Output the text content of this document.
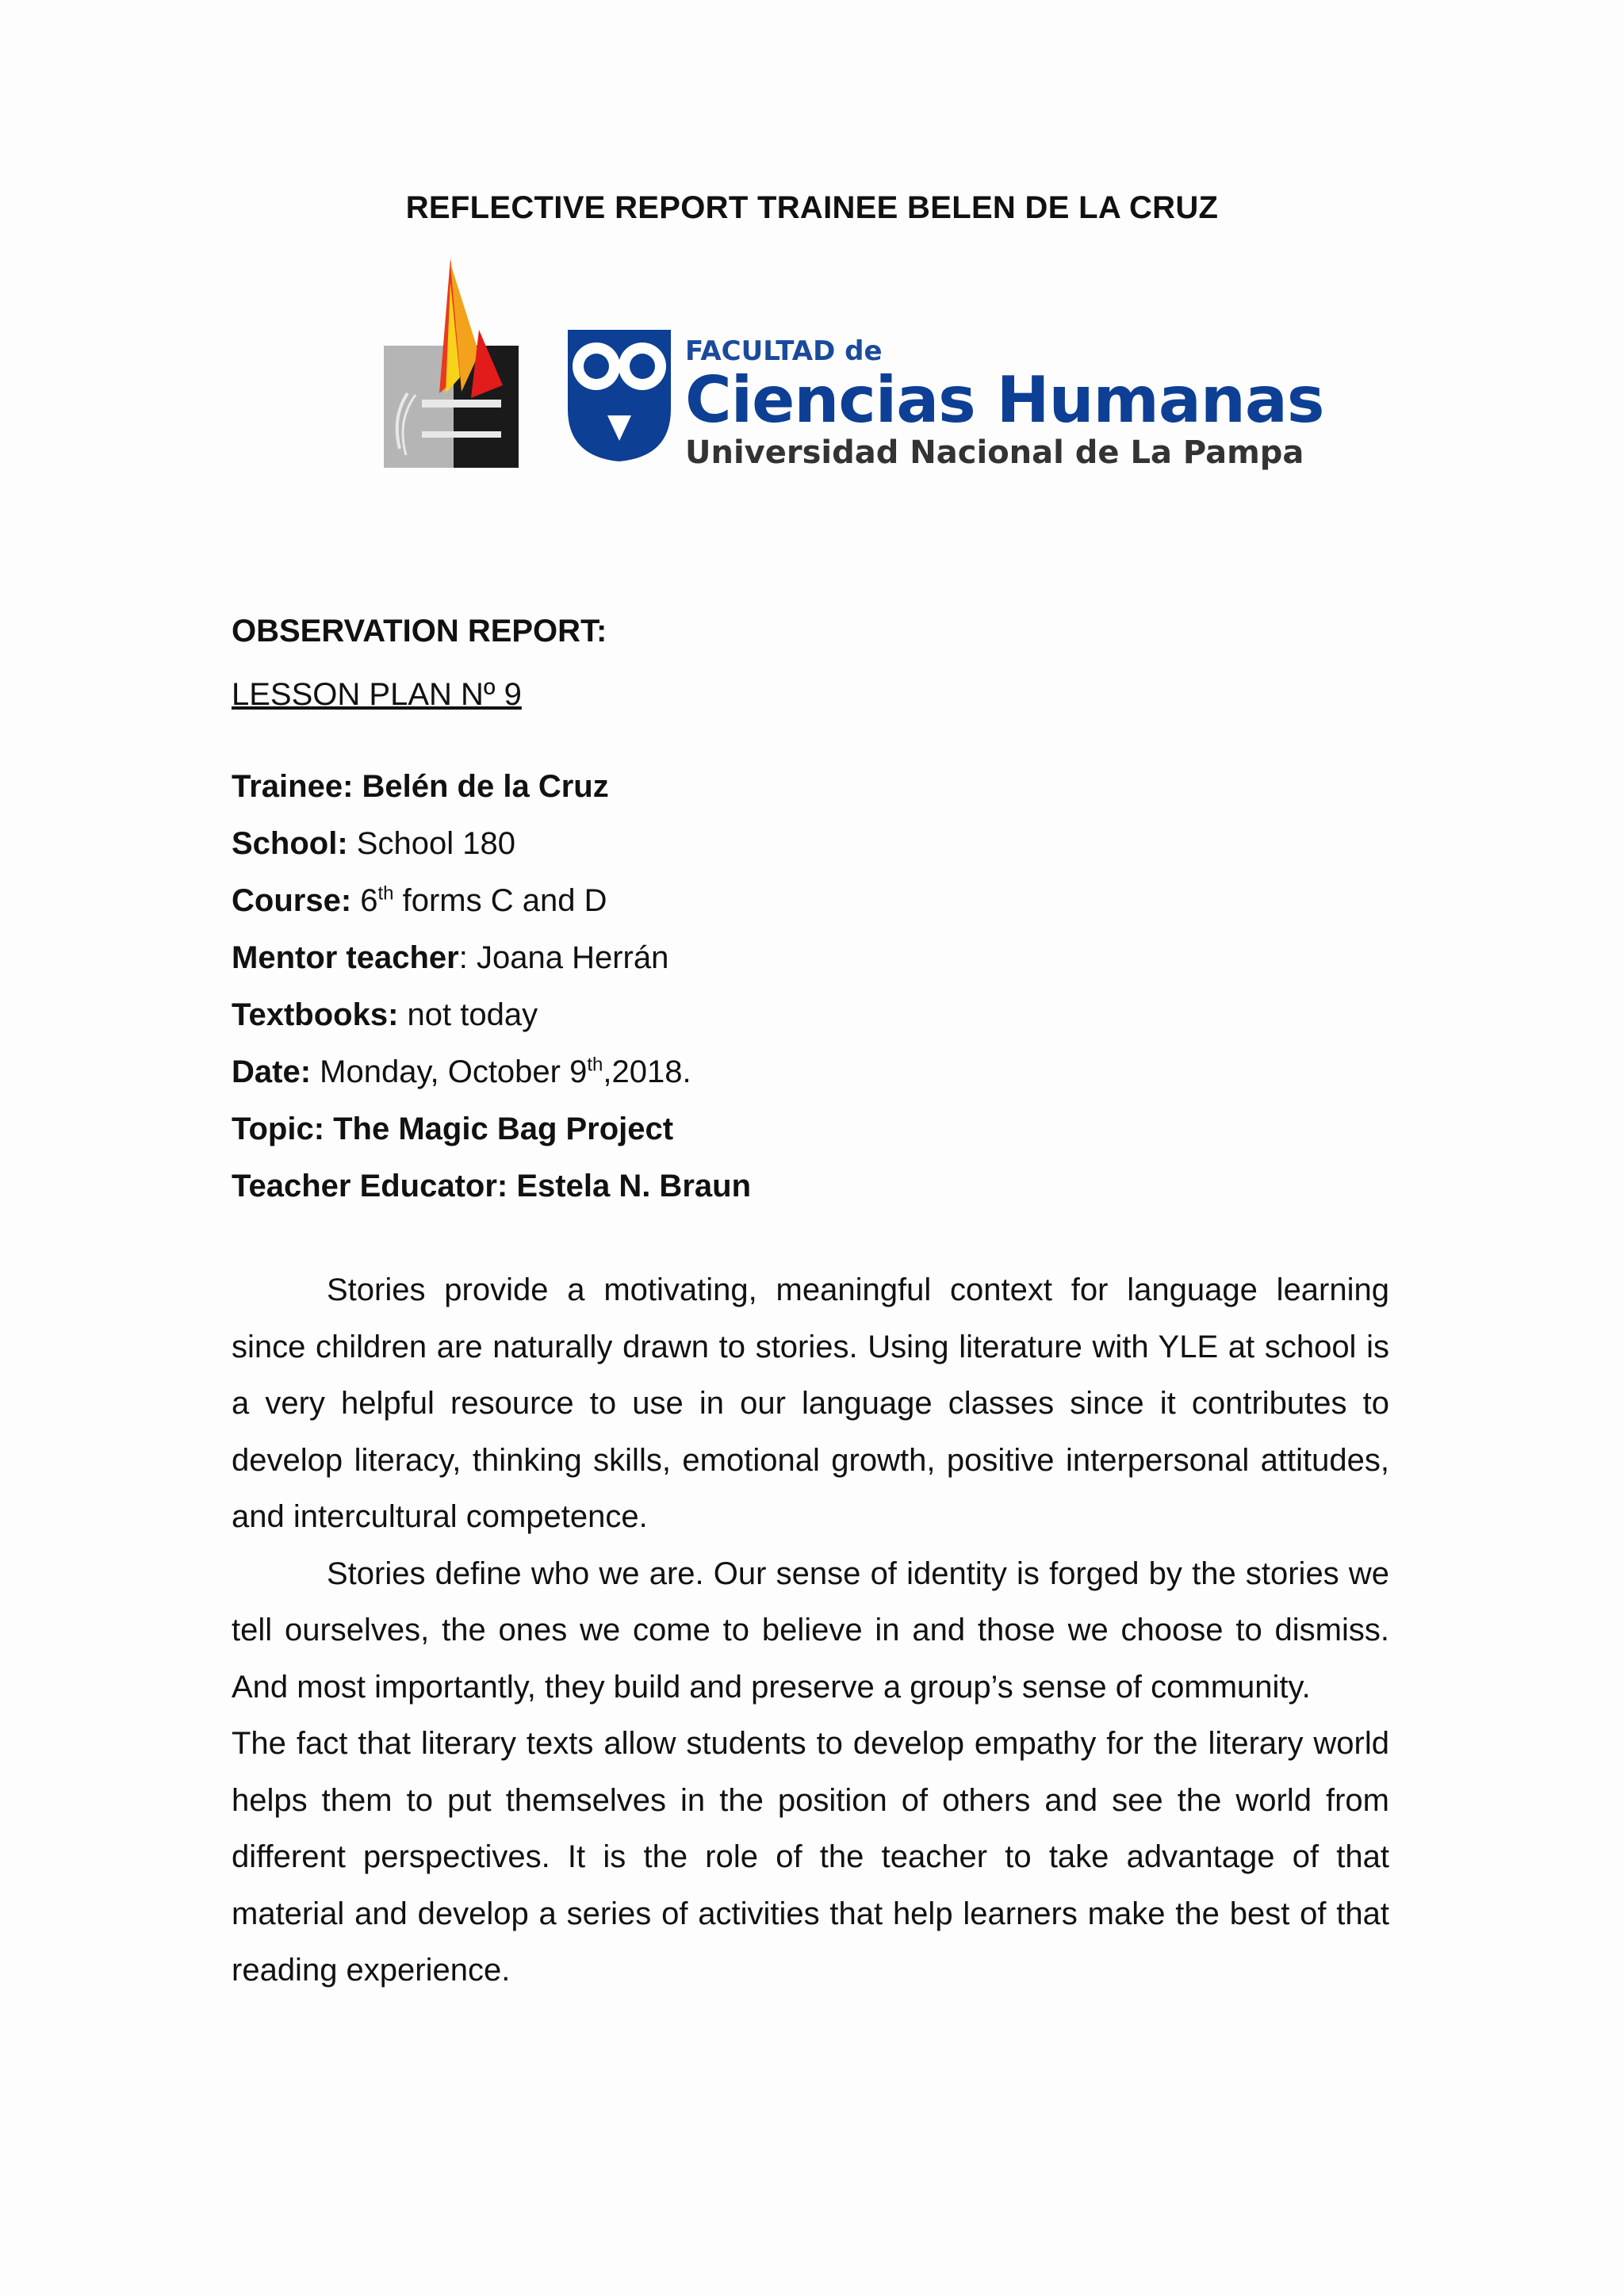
REFLECTIVE REPORT TRAINEE BELEN DE LA CRUZ
FACULTAD de
Ciencias Humanas
Universidad Nacional de La Pampa
OBSERVATION REPORT:
LESSON PLAN Nº 9
Trainee: Belén de la Cruz
School: School 180
Course: 6th forms C and D
Mentor teacher: Joana Herrán
Textbooks: not today
Date: Monday, October 9th,2018.
Topic: The Magic Bag Project
Teacher Educator: Estela N. Braun

Stories provide a motivating, meaningful context for language learning since children are naturally drawn to stories. Using literature with YLE at school is a very helpful resource to use in our language classes since it contributes to develop literacy, thinking skills, emotional growth, positive interpersonal attitudes, and intercultural competence.

Stories define who we are. Our sense of identity is forged by the stories we tell ourselves, the ones we come to believe in and those we choose to dismiss. And most importantly, they build and preserve a group’s sense of community.

The fact that literary texts allow students to develop empathy for the literary world helps them to put themselves in the position of others and see the world from different perspectives. It is the role of the teacher to take advantage of that material and develop a series of activities that help learners make the best of that reading experience.
